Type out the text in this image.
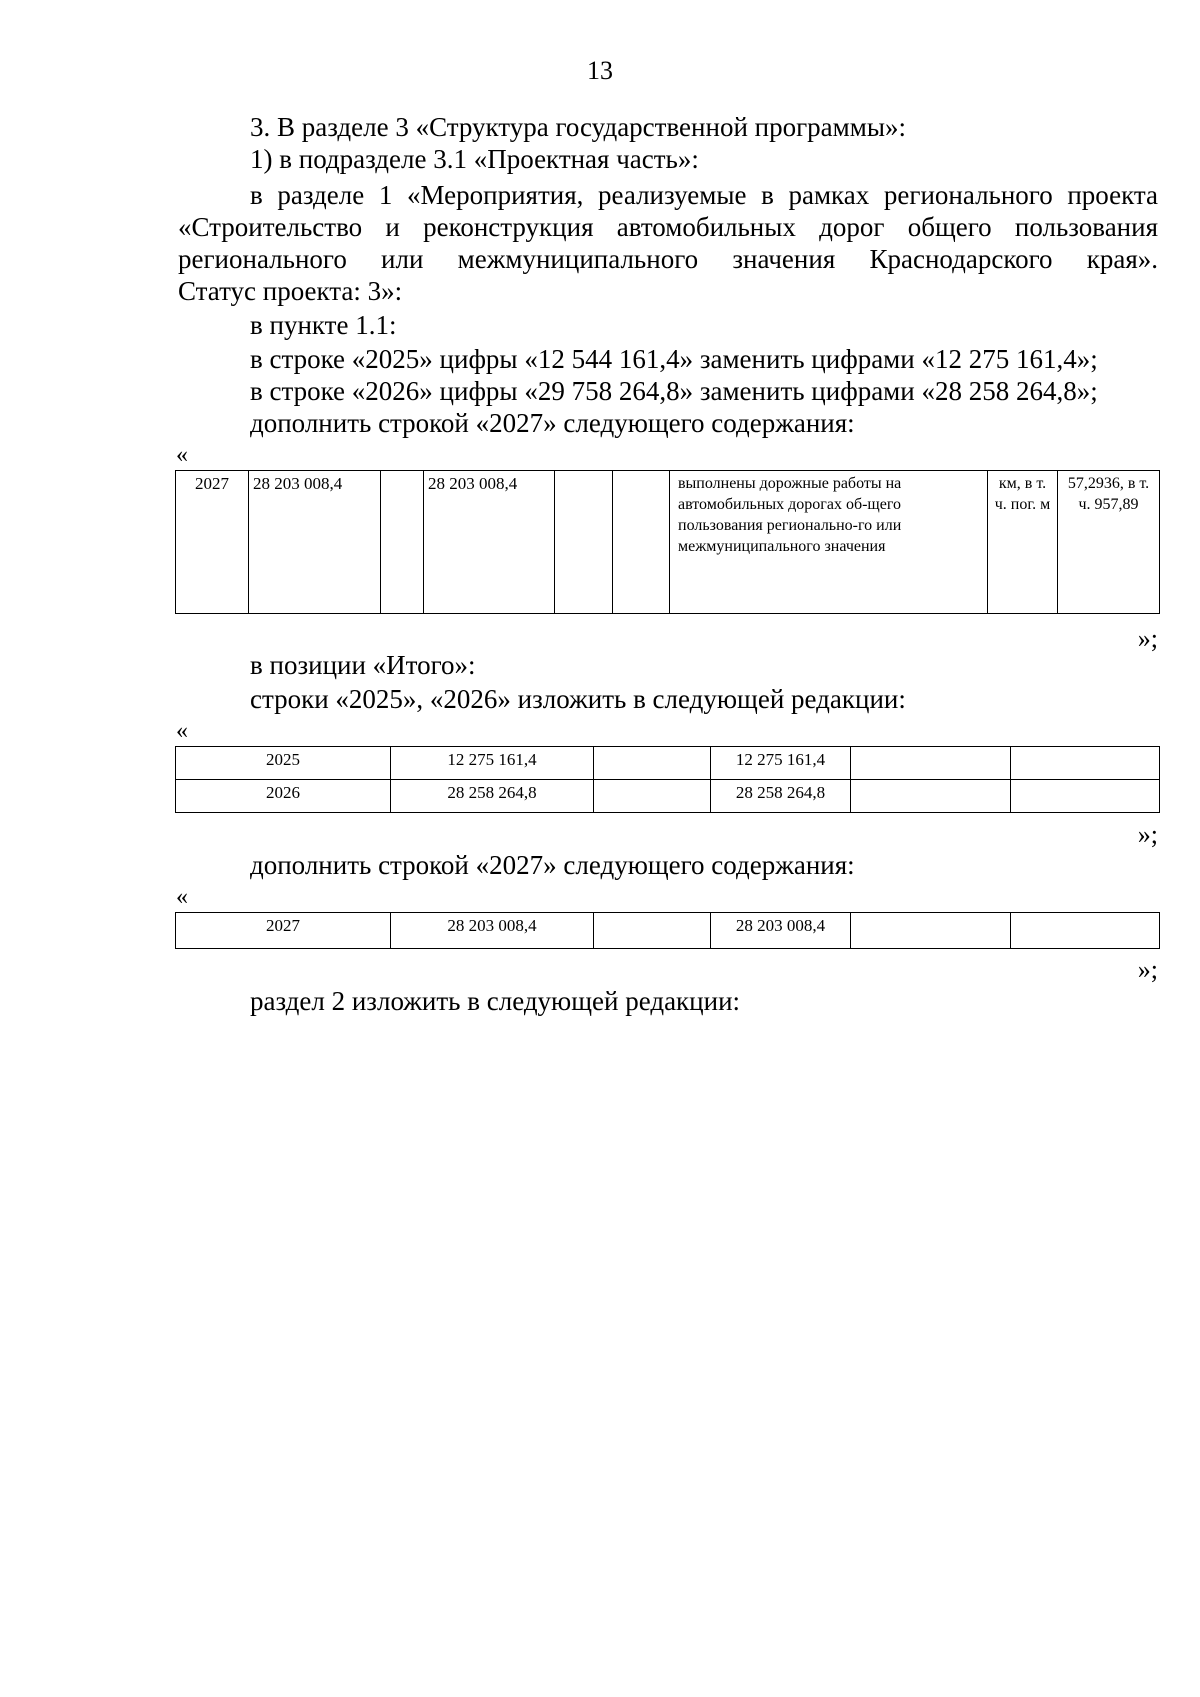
13
3. В разделе 3 «Структура государственной программы»:
1) в подразделе 3.1 «Проектная часть»:
в разделе 1 «Мероприятия, реализуемые в рамках регионального проекта
«Строительство и реконструкция автомобильных дорог общего пользования
регионального или межмуниципального значения Краснодарского края».
Статус проекта: 3»:
в пункте 1.1:
в строке «2025» цифры «12 544 161,4» заменить цифрами «12 275 161,4»;
в строке «2026» цифры «29 758 264,8» заменить цифрами «28 258 264,8»;
дополнить строкой «2027» следующего содержания:
«
2027	28 203 008,4		28 203 008,4			выполнены дорожные работы на автомобильных дорогах об-щего пользования регионально-го или межмуниципального значения	км, в т. ч. пог. м	57,2936, в т. ч. 957,89
»;
в позиции «Итого»:
строки «2025», «2026» изложить в следующей редакции:
«
2025	12 275 161,4		12 275 161,4		
2026	28 258 264,8		28 258 264,8		
»;
дополнить строкой «2027» следующего содержания:
«
2027	28 203 008,4		28 203 008,4		
»;
раздел 2 изложить в следующей редакции:
